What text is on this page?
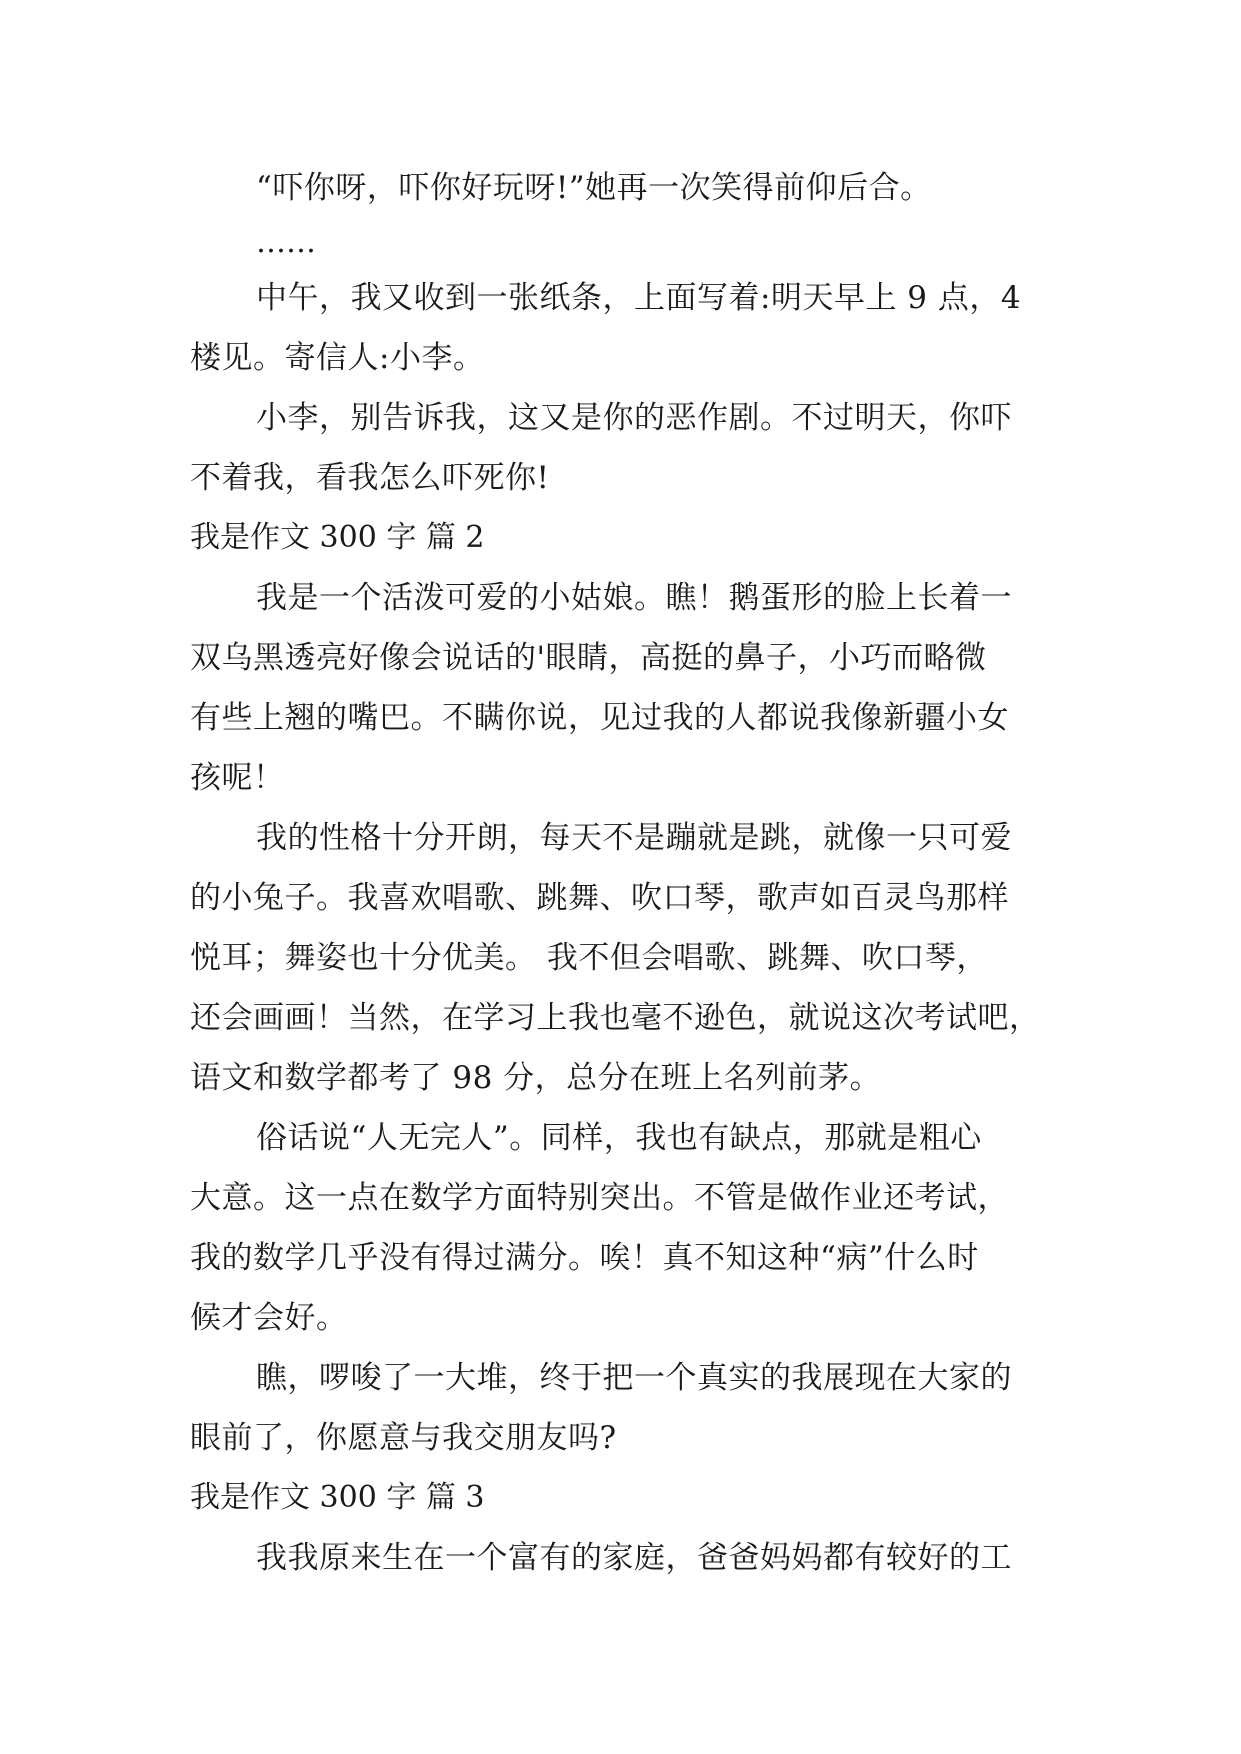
“吓你呀，吓你好玩呀!”她再一次笑得前仰后合。
……
中午，我又收到一张纸条，上面写着:明天早上 9 点，4
楼见。寄信人:小李。
小李，别告诉我，这又是你的恶作剧。不过明天，你吓
不着我，看我怎么吓死你!
我是作文 300 字 篇 2
我是一个活泼可爱的小姑娘。瞧！鹅蛋形的脸上长着一
双乌黑透亮好像会说话的'眼睛，高挺的鼻子，小巧而略微
有些上翘的嘴巴。不瞒你说，见过我的人都说我像新疆小女
孩呢！
我的性格十分开朗，每天不是蹦就是跳，就像一只可爱
的小兔子。我喜欢唱歌、跳舞、吹口琴，歌声如百灵鸟那样
悦耳；舞姿也十分优美。 我不但会唱歌、跳舞、吹口琴，
还会画画！当然，在学习上我也毫不逊色，就说这次考试吧，
语文和数学都考了 98 分，总分在班上名列前茅。
俗话说“人无完人”。同样，我也有缺点，那就是粗心
大意。这一点在数学方面特别突出。不管是做作业还考试，
我的数学几乎没有得过满分。唉！真不知这种“病”什么时
候才会好。
瞧，啰唆了一大堆，终于把一个真实的我展现在大家的
眼前了，你愿意与我交朋友吗?
我是作文 300 字 篇 3
我我原来生在一个富有的家庭，爸爸妈妈都有较好的工
